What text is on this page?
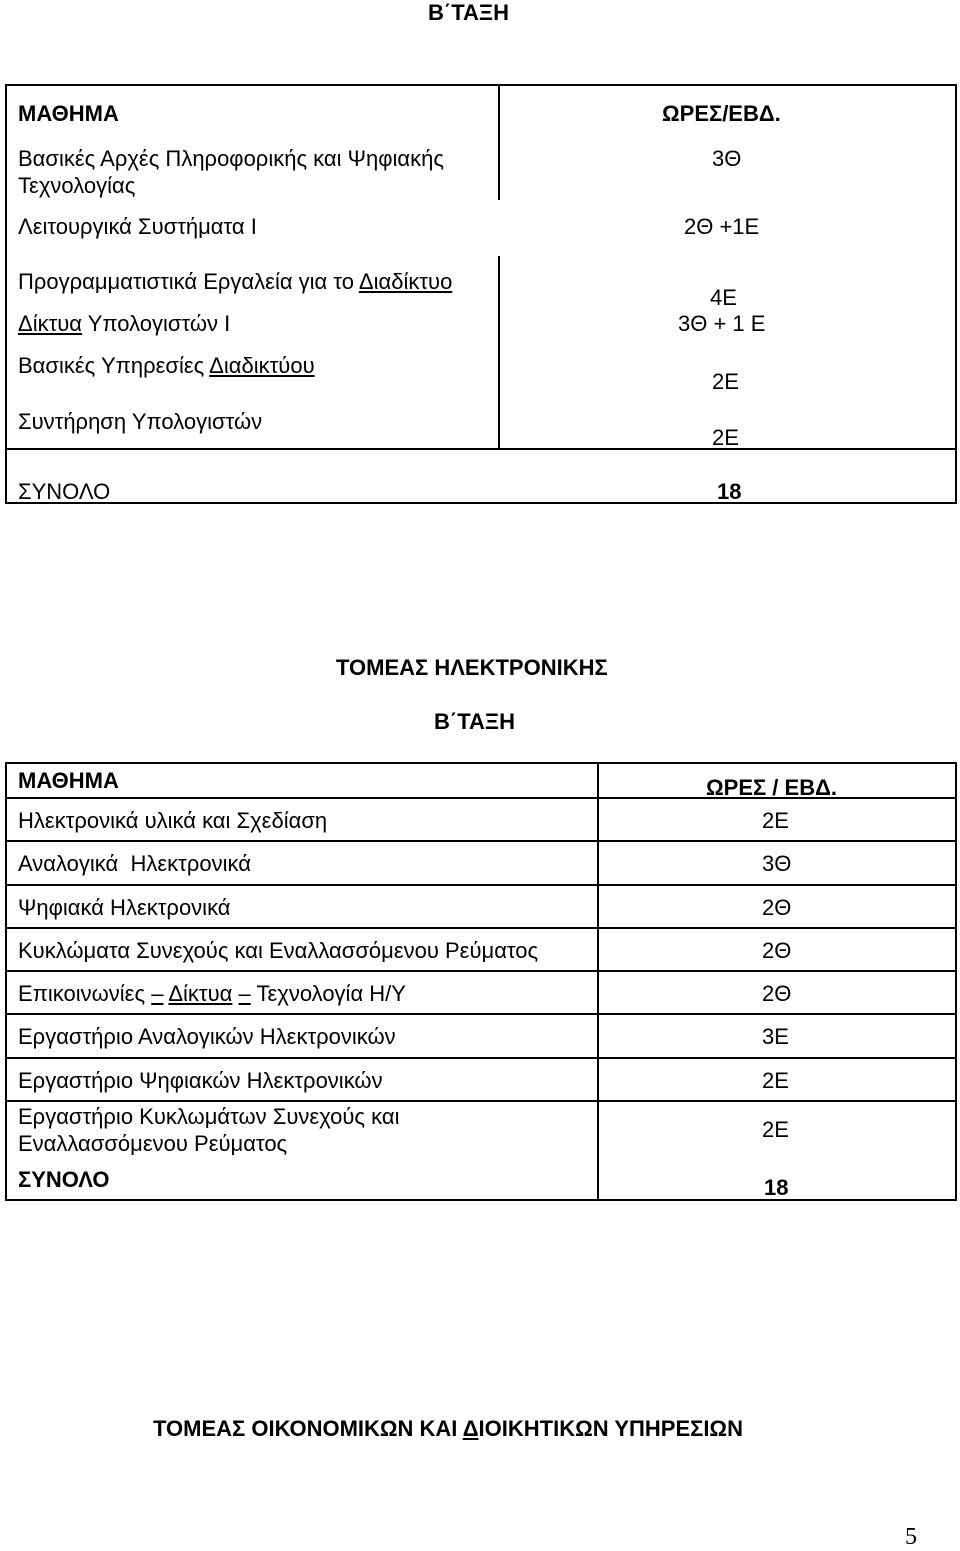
Β΄ΤΑΞΗ
ΜΑΘΗΜΑ	ΩΡΕΣ/ΕΒΔ.
Βασικές Αρχές Πληροφορικής και Ψηφιακής
Τεχνολογίας
3Θ
Λειτουργικά Συστήματα Ι	2Θ +1Ε
Προγραμματιστικά Εργαλεία για το Διαδίκτυο
4Ε
Δίκτυα Υπολογιστών Ι	3Θ + 1 Ε
Βασικές Υπηρεσίες Διαδικτύου
2Ε
Συντήρηση Υπολογιστών
2Ε
ΣΥΝΟΛΟ	18
ΤΟΜΕΑΣ ΗΛΕΚΤΡΟΝΙΚΗΣ
Β΄ΤΑΞΗ
ΜΑΘΗΜΑ	ΩΡΕΣ / ΕΒΔ.
Ηλεκτρονικά υλικά και Σχεδίαση	2Ε
Αναλογικά  Ηλεκτρονικά	3Θ
Ψηφιακά Ηλεκτρονικά	2Θ
Κυκλώματα Συνεχούς και Εναλλασσόμενου Ρεύματος	2Θ
Επικοινωνίες – Δίκτυα – Τεχνολογία Η/Υ	2Θ
Εργαστήριο Αναλογικών Ηλεκτρονικών	3Ε
Εργαστήριο Ψηφιακών Ηλεκτρονικών	2Ε
Εργαστήριο Κυκλωμάτων Συνεχούς και
Εναλλασσόμενου Ρεύματος
2Ε
ΣΥΝΟΛΟ	18
ΤΟΜΕΑΣ ΟΙΚΟΝΟΜΙΚΩΝ ΚΑΙ ΔΙΟΙΚΗΤΙΚΩΝ ΥΠΗΡΕΣΙΩΝ
5
